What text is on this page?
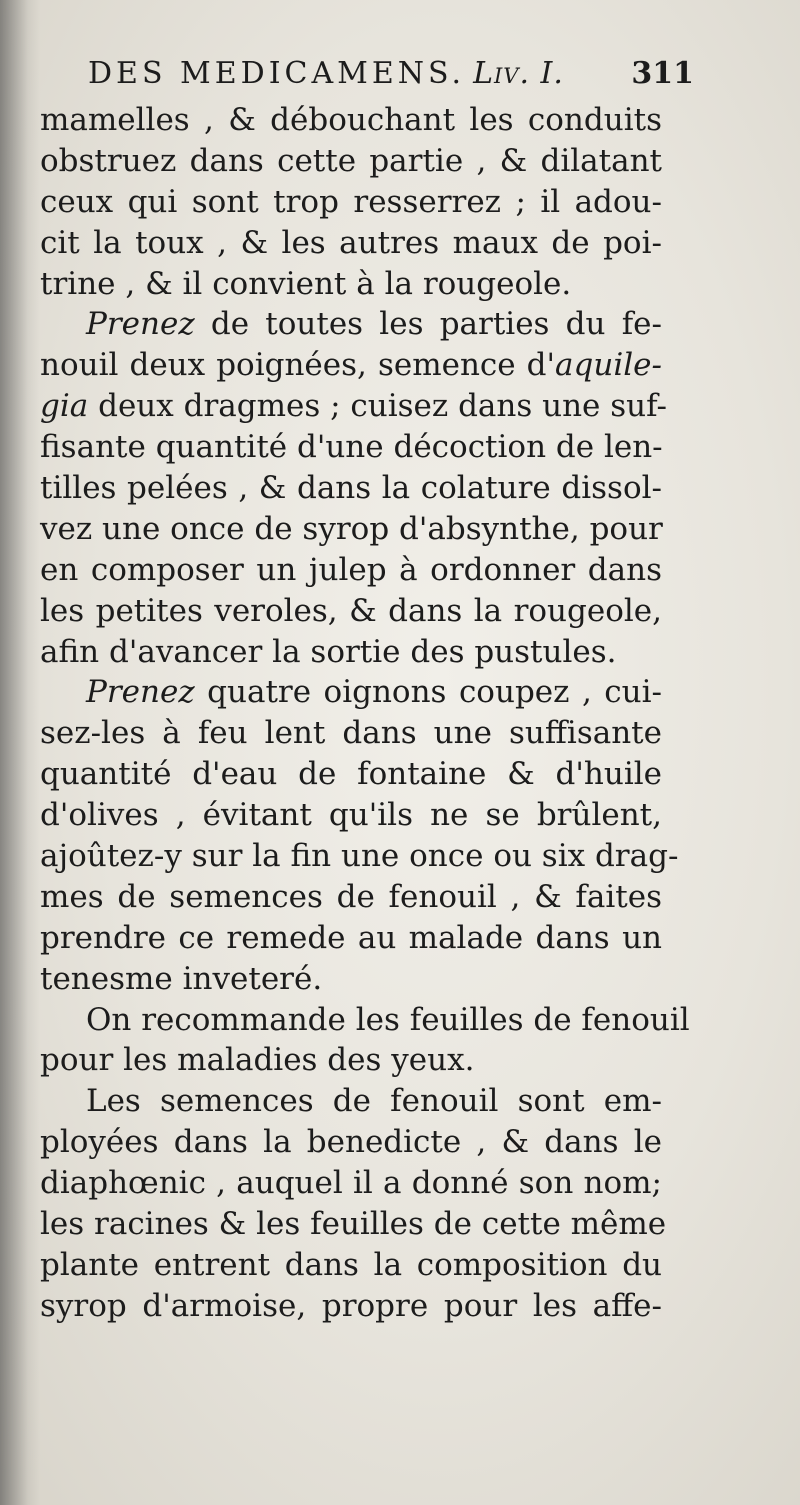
DES MEDICAMENS. Liv. I. 311
mamelles , & débouchant les conduits
obstruez dans cette partie , & dilatant
ceux qui sont trop resserrez ; il adou-
cit la toux , & les autres maux de poi-
trine , & il convient à la rougeole.
Prenez de toutes les parties du fe-
nouil deux poignées, semence d'aquile-
gia deux dragmes ; cuisez dans une suf-
fisante quantité d'une décoction de len-
tilles pelées , & dans la colature dissol-
vez une once de syrop d'absynthe, pour
en composer un julep à ordonner dans
les petites veroles, & dans la rougeole,
afin d'avancer la sortie des pustules.
Prenez quatre oignons coupez , cui-
sez-les à feu lent dans une suffisante
quantité d'eau de fontaine & d'huile
d'olives , évitant qu'ils ne se brûlent,
ajoûtez-y sur la fin une once ou six drag-
mes de semences de fenouil , & faites
prendre ce remede au malade dans un
tenesme inveteré.
On recommande les feuilles de fenouil
pour les maladies des yeux.
Les semences de fenouil sont em-
ployées dans la benedicte , & dans le
diaphœnic , auquel il a donné son nom;
les racines & les feuilles de cette même
plante entrent dans la composition du
syrop d'armoise, propre pour les affe-
